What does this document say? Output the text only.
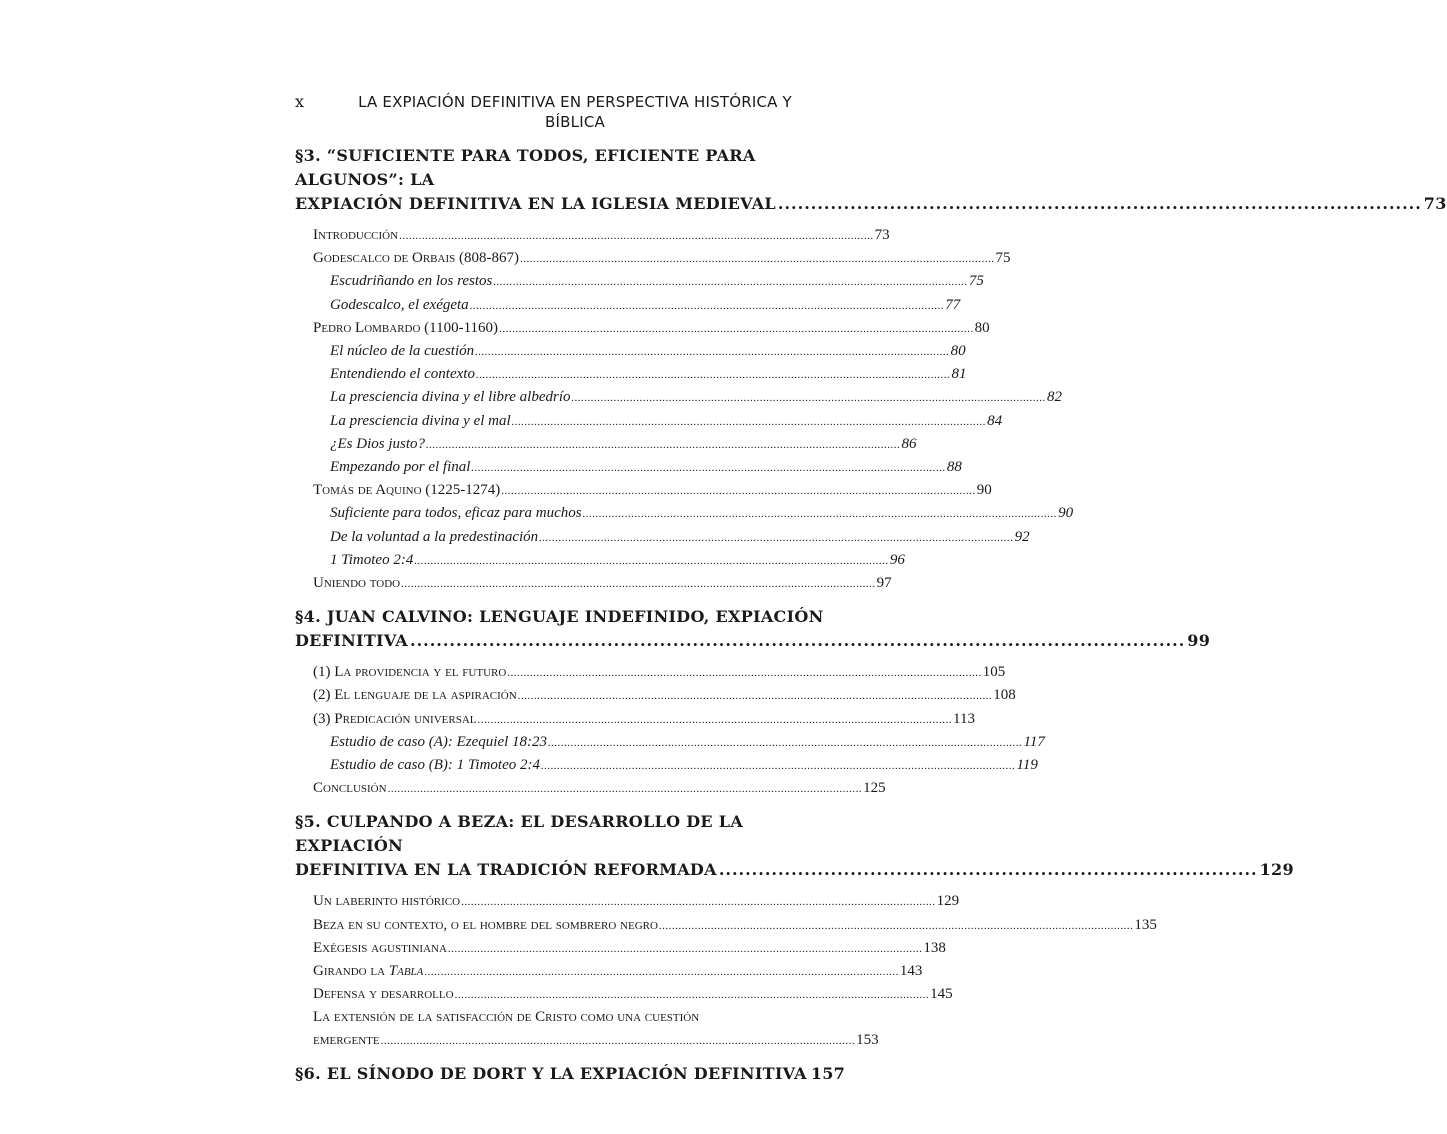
x	LA EXPIACIÓN DEFINITIVA EN PERSPECTIVA HISTÓRICA Y
BÍBLICA
§3. “SUFICIENTE PARA TODOS, EFICIENTE PARA ALGUNOS”: LA
EXPIACIÓN DEFINITIVA EN LA IGLESIA MEDIEVAL .................................................................................................. 73
Introducción .................................................................................................................................................. 73
Godescalco de Orbais (808-867) .................................................................................................................................................. 75
Escudriñando en los restos .................................................................................................................................................. 75
Godescalco, el exégeta .................................................................................................................................................. 77
Pedro Lombardo (1100-1160) .................................................................................................................................................. 80
El núcleo de la cuestión .................................................................................................................................................. 80
Entendiendo el contexto .................................................................................................................................................. 81
La presciencia divina y el libre albedrío .................................................................................................................................................. 82
La presciencia divina y el mal .................................................................................................................................................. 84
¿Es Dios justo? .................................................................................................................................................. 86
Empezando por el final .................................................................................................................................................. 88
Tomás de Aquino (1225-1274) .................................................................................................................................................. 90
Suficiente para todos, eficaz para muchos .................................................................................................................................................. 90
De la voluntad a la predestinación .................................................................................................................................................. 92
1 Timoteo 2:4 .................................................................................................................................................. 96
Uniendo todo .................................................................................................................................................. 97
§4. JUAN CALVINO: LENGUAJE INDEFINIDO, EXPIACIÓN
DEFINITIVA ...................................................................................................................... 99
(1) La providencia y el futuro .................................................................................................................................................. 105
(2) El lenguaje de la aspiración .................................................................................................................................................. 108
(3) Predicación universal .................................................................................................................................................. 113
Estudio de caso (A): Ezequiel 18:23 .................................................................................................................................................. 117
Estudio de caso (B): 1 Timoteo 2:4 .................................................................................................................................................. 119
Conclusión .................................................................................................................................................. 125
§5. CULPANDO A BEZA: EL DESARROLLO DE LA EXPIACIÓN
DEFINITIVA EN LA TRADICIÓN REFORMADA .................................................................................. 129
Un laberinto histórico .................................................................................................................................................. 129
Beza en su contexto, o el hombre del sombrero negro .................................................................................................................................................. 135
Exégesis agustiniana .................................................................................................................................................. 138
Girando la Tabla .................................................................................................................................................. 143
Defensa y desarrollo .................................................................................................................................................. 145
La extensión de la satisfacción de Cristo como una cuestión
emergente .................................................................................................................................................. 153
§6. EL SÍNODO DE DORT Y LA EXPIACIÓN DEFINITIVA 157
